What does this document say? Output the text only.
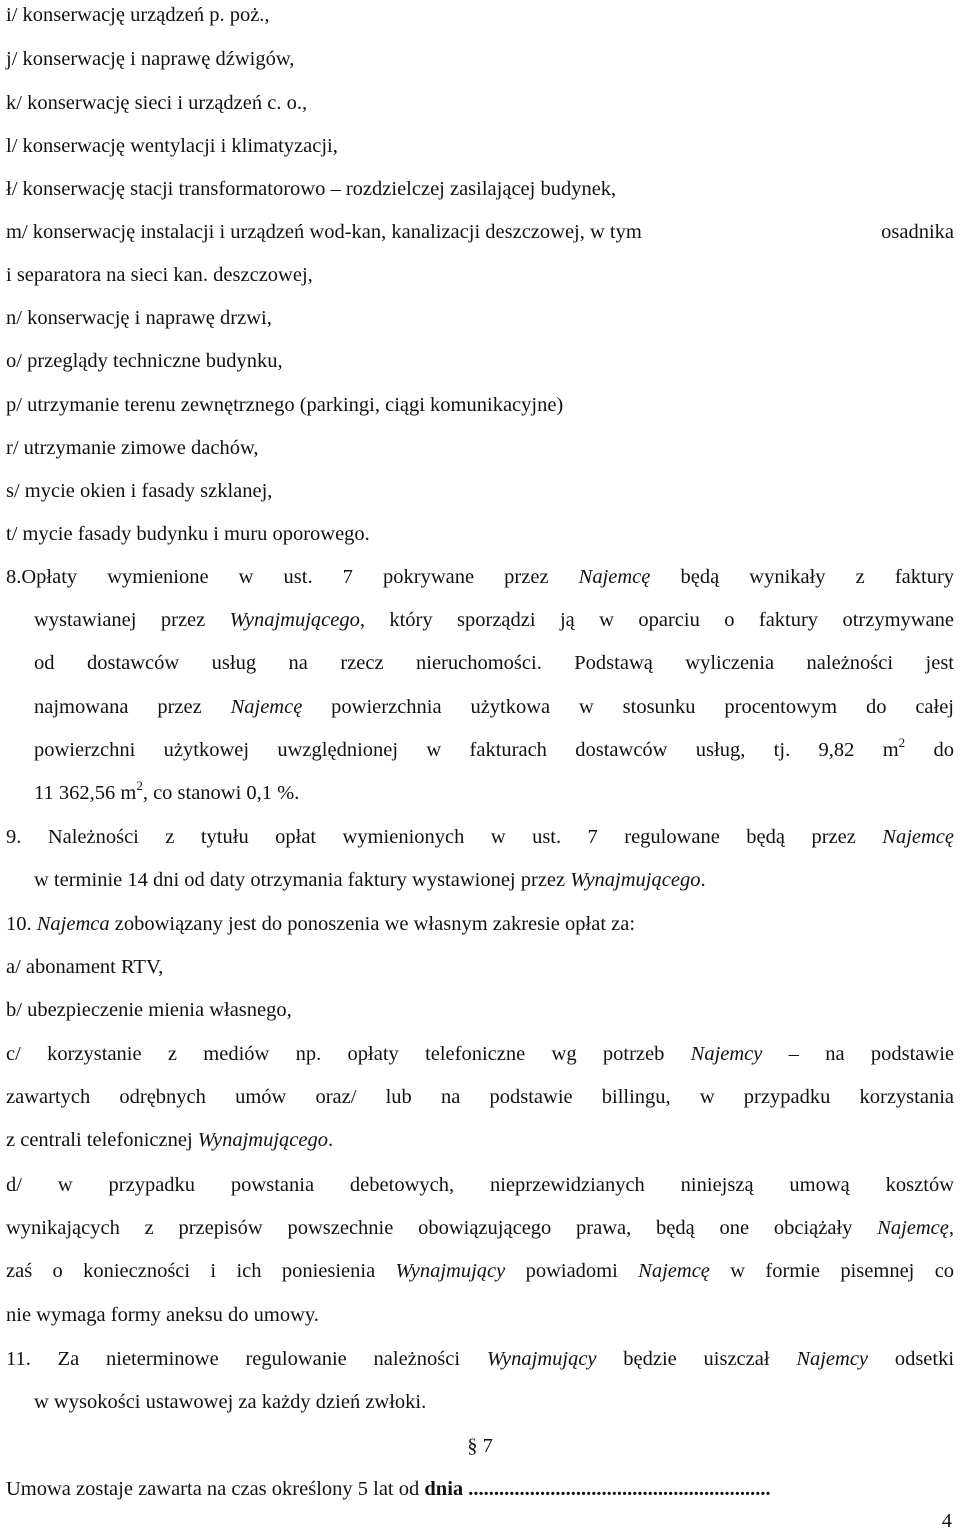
i/ konserwację urządzeń p. poż.,
j/ konserwację i naprawę dźwigów,
k/ konserwację sieci i urządzeń c. o.,
l/ konserwację wentylacji i klimatyzacji,
ł/ konserwację stacji transformatorowo – rozdzielczej zasilającej budynek,
m/ konserwację instalacji i urządzeń wod-kan, kanalizacji deszczowej, w tym	osadnika
i separatora na sieci kan. deszczowej,
n/ konserwację i naprawę drzwi,
o/ przeglądy techniczne budynku,
p/ utrzymanie terenu zewnętrznego (parkingi, ciągi komunikacyjne)
r/ utrzymanie zimowe dachów,
s/ mycie okien i fasady szklanej,
t/ mycie fasady budynku i muru oporowego.
8.Opłaty wymienione w ust. 7 pokrywane przez Najemcę będą wynikały z faktury
wystawianej przez Wynajmującego, który sporządzi ją w oparciu o faktury otrzymywane
od dostawców usług na rzecz nieruchomości. Podstawą wyliczenia należności jest
najmowana przez Najemcę powierzchnia użytkowa w stosunku procentowym do całej
powierzchni użytkowej uwzględnionej w fakturach dostawców usług, tj. 9,82 $m^2$ do
11 362,56 $m^2$, co stanowi 0,1 %.
9. Należności z tytułu opłat wymienionych w ust. 7 regulowane będą przez Najemcę
w terminie 14 dni od daty otrzymania faktury wystawionej przez Wynajmującego.
10. Najemca zobowiązany jest do ponoszenia we własnym zakresie opłat za:
a/ abonament RTV,
b/ ubezpieczenie mienia własnego,
c/ korzystanie z mediów np. opłaty telefoniczne wg potrzeb Najemcy – na podstawie
zawartych odrębnych umów oraz/ lub na podstawie billingu, w przypadku korzystania
z centrali telefonicznej Wynajmującego.
d/ w przypadku powstania debetowych, nieprzewidzianych niniejszą umową kosztów
wynikających z przepisów powszechnie obowiązującego prawa, będą one obciążały Najemcę,
zaś o konieczności i ich poniesienia Wynajmujący powiadomi Najemcę w formie pisemnej co
nie wymaga formy aneksu do umowy.
11. Za nieterminowe regulowanie należności Wynajmujący będzie uiszczał Najemcy odsetki
w wysokości ustawowej za każdy dzień zwłoki.
§ 7
Umowa zostaje zawarta na czas określony 5 lat od dnia ...........................................................
4
